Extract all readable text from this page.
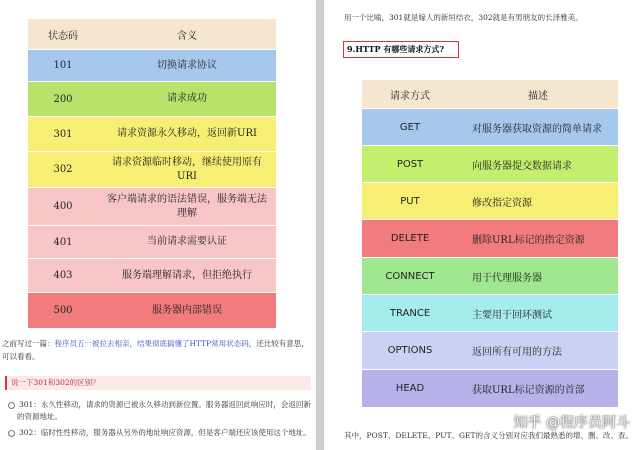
状态码	含义
101	切换请求协议
200	请求成功
301	请求资源永久移动，返回新URI
302	请求资源临时移动，继续使用原有URI
400	客户端请求的语法错误，服务端无法理解
401	当前请求需要认证
403	服务端理解请求，但拒绝执行
500	服务器内部错误
之前写过一篇：程序员五一被拉去相亲，结果彻底搞懂了HTTP常用状态码，还比较有意思，
可以看看。
说一下301和302的区别？
301：永久性移动，请求的资源已被永久移动到新位置。服务器返回此响应时，会返回新
的资源地址。
302：临时性性移动，服务器从另外的地址响应资源，但是客户端还应该使用这个地址。
用一个比喻，301就是嫁人的新垣结衣，302就是有男朋友的长泽雅美。
9.HTTP 有哪些请求方式?
请求方式	描述
GET	对服务器获取资源的简单请求
POST	向服务器提交数据请求
PUT	修改指定资源
DELETE	删除URL标记的指定资源
CONNECT	用于代理服务器
TRANCE	主要用于回环测试
OPTIONS	返回所有可用的方法
HEAD	获取URL标记资源的首部
其中，POST、DELETE、PUT、GET的含义分别对应我们最熟悉的增、删、改、查。
知乎 @程序员阿斗
